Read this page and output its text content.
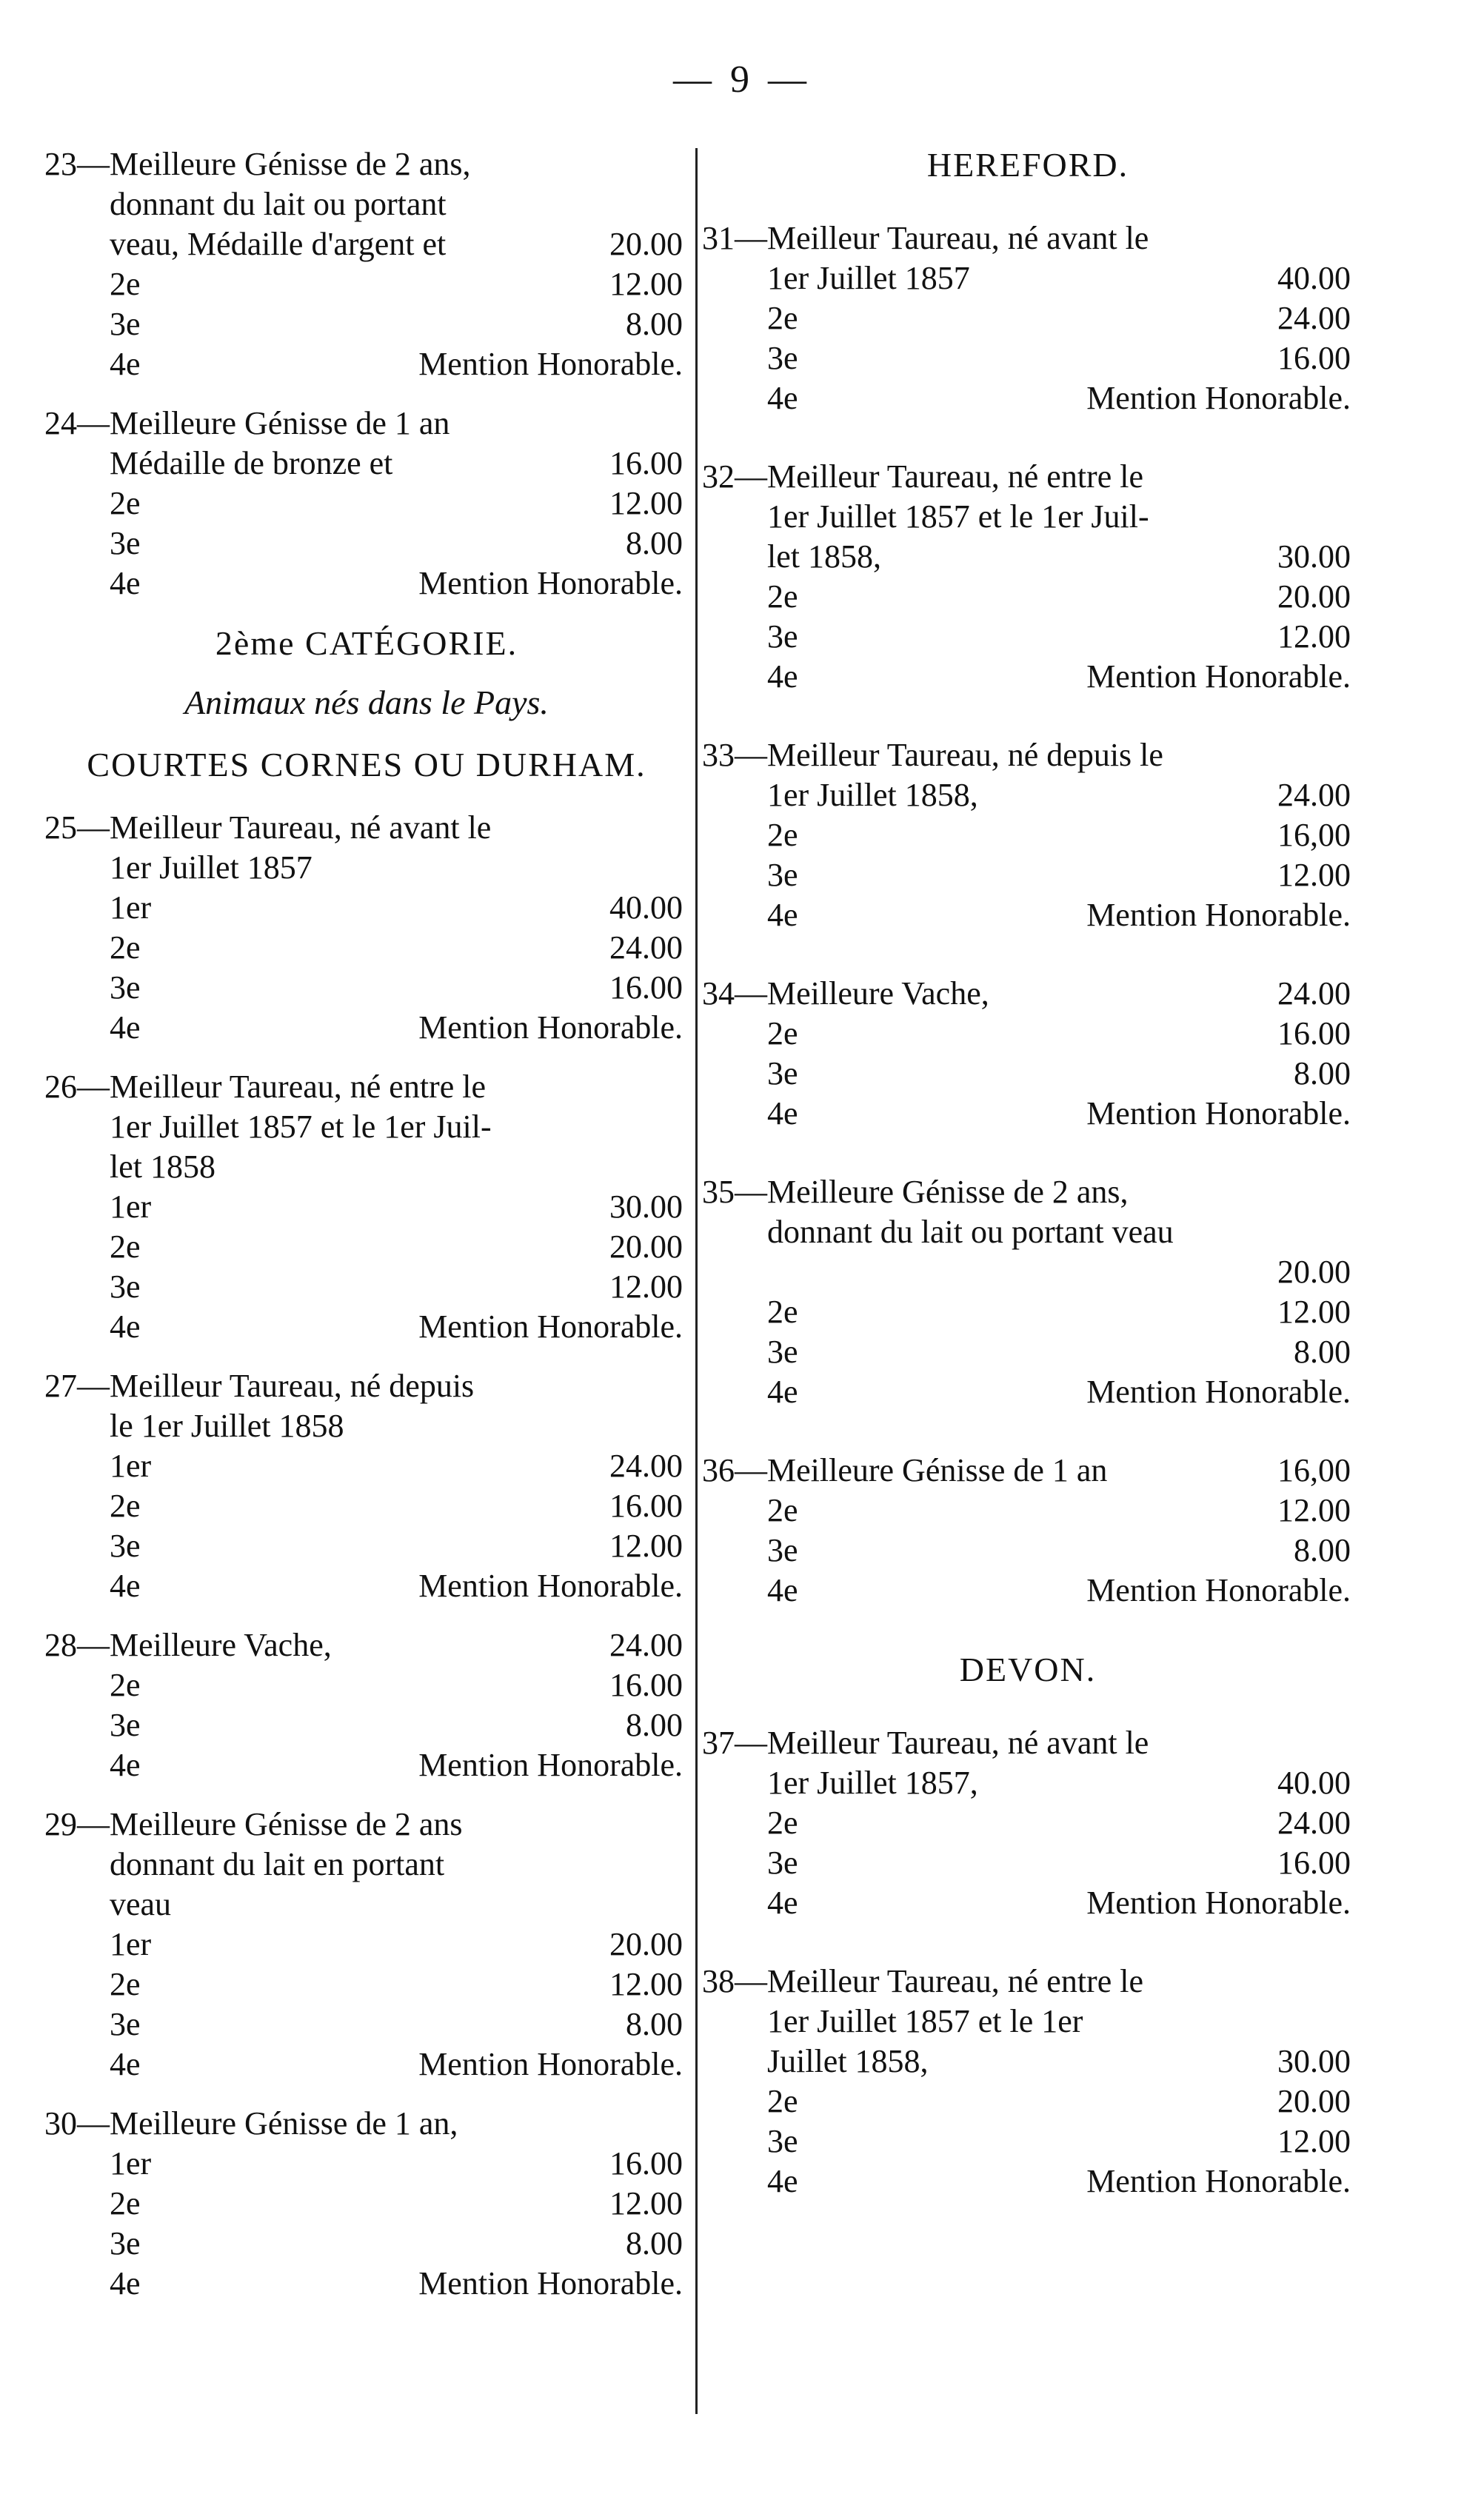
— 9 —
23— Meilleure Génisse de 2 ans,
donnant du lait ou portant
veau, Médaille d'argent et	20.00
2e	12.00
3e	8.00
4e	Mention Honorable.
24— Meilleure Génisse de 1 an
Médaille de bronze et	16.00
2e	12.00
3e	8.00
4e	Mention Honorable.
2ème CATÉGORIE.
Animaux nés dans le Pays.
COURTES CORNES OU DURHAM.
25— Meilleur Taureau, né avant le
1er Juillet 1857
1er	40.00
2e	24.00
3e	16.00
4e	Mention Honorable.
26— Meilleur Taureau, né entre le
1er Juillet 1857 et le 1er Juil-
let 1858
1er	30.00
2e	20.00
3e	12.00
4e	Mention Honorable.
27— Meilleur Taureau, né depuis
le 1er Juillet 1858
1er	24.00
2e	16.00
3e	12.00
4e	Mention Honorable.
28— Meilleure Vache,	24.00
2e	16.00
3e	8.00
4e	Mention Honorable.
29— Meilleure Génisse de 2 ans
donnant du lait en portant
veau
1er	20.00
2e	12.00
3e	8.00
4e	Mention Honorable.
30— Meilleure Génisse de 1 an,
1er	16.00
2e	12.00
3e	8.00
4e	Mention Honorable.
HEREFORD.
31— Meilleur Taureau, né avant le
1er Juillet 1857	40.00
2e	24.00
3e	16.00
4e	Mention Honorable.
32— Meilleur Taureau, né entre le
1er Juillet 1857 et le 1er Juil-
let 1858,	30.00
2e	20.00
3e	12.00
4e	Mention Honorable.
33— Meilleur Taureau, né depuis le
1er Juillet 1858,	24.00
2e	16,00
3e	12.00
4e	Mention Honorable.
34— Meilleure Vache,	24.00
2e	16.00
3e	8.00
4e	Mention Honorable.
35— Meilleure Génisse de 2 ans,
donnant du lait ou portant veau
20.00
2e	12.00
3e	8.00
4e	Mention Honorable.
36— Meilleure Génisse de 1 an	16,00
2e	12.00
3e	8.00
4e	Mention Honorable.
DEVON.
37— Meilleur Taureau, né avant le
1er Juillet 1857,	40.00
2e	24.00
3e	16.00
4e	Mention Honorable.
38— Meilleur Taureau, né entre le
1er Juillet 1857 et le 1er
Juillet 1858,	30.00
2e	20.00
3e	12.00
4e	Mention Honorable.
